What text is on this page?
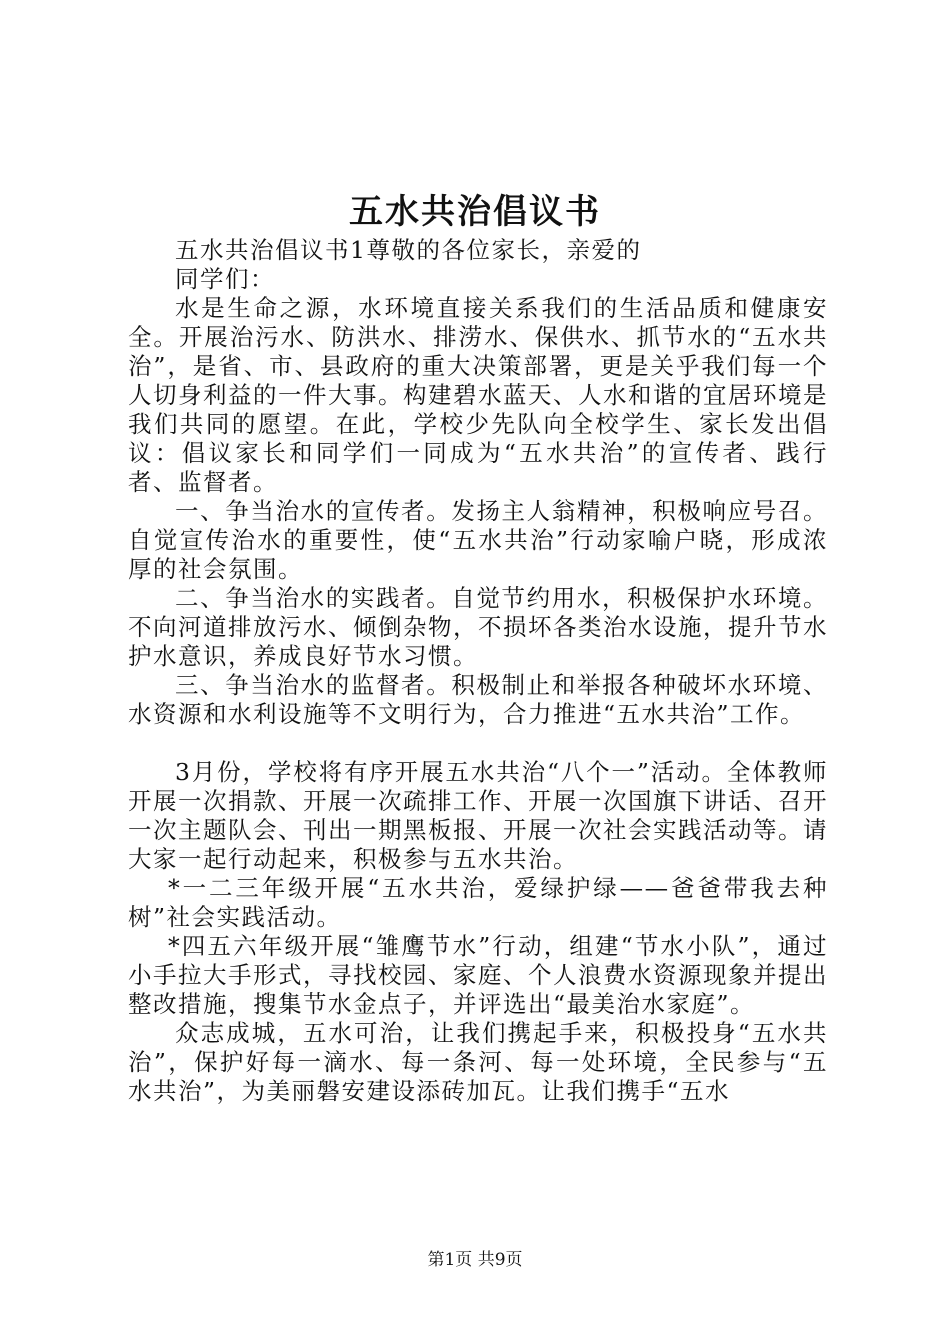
五水共治倡议书

五水共治倡议书1尊敬的各位家长，亲爱的

同学们：

水是生命之源，水环境直接关系我们的生活品质和健康安全。开展治污水、防洪水、排涝水、保供水、抓节水的“五水共治”，是省、市、县政府的重大决策部署，更是关乎我们每一个人切身利益的一件大事。构建碧水蓝天、人水和谐的宜居环境是我们共同的愿望。在此，学校少先队向全校学生、家长发出倡议：倡议家长和同学们一同成为“五水共治”的宣传者、践行者、监督者。

一、争当治水的宣传者。发扬主人翁精神，积极响应号召。自觉宣传治水的重要性，使“五水共治”行动家喻户晓，形成浓厚的社会氛围。

二、争当治水的实践者。自觉节约用水，积极保护水环境。不向河道排放污水、倾倒杂物，不损坏各类治水设施，提升节水护水意识，养成良好节水习惯。

三、争当治水的监督者。积极制止和举报各种破坏水环境、水资源和水利设施等不文明行为，合力推进“五水共治”工作。

3月份，学校将有序开展五水共治“八个一”活动。全体教师开展一次捐款、开展一次疏排工作、开展一次国旗下讲话、召开一次主题队会、刊出一期黑板报、开展一次社会实践活动等。请大家一起行动起来，积极参与五水共治。

*一二三年级开展“五水共治，爱绿护绿——爸爸带我去种树”社会实践活动。

*四五六年级开展“雏鹰节水”行动，组建“节水小队”，通过小手拉大手形式，寻找校园、家庭、个人浪费水资源现象并提出整改措施，搜集节水金点子，并评选出“最美治水家庭”。

众志成城，五水可治，让我们携起手来，积极投身“五水共治”，保护好每一滴水、每一条河、每一处环境，全民参与“五水共治”，为美丽磐安建设添砖加瓦。让我们携手“五水

第1页 共9页
